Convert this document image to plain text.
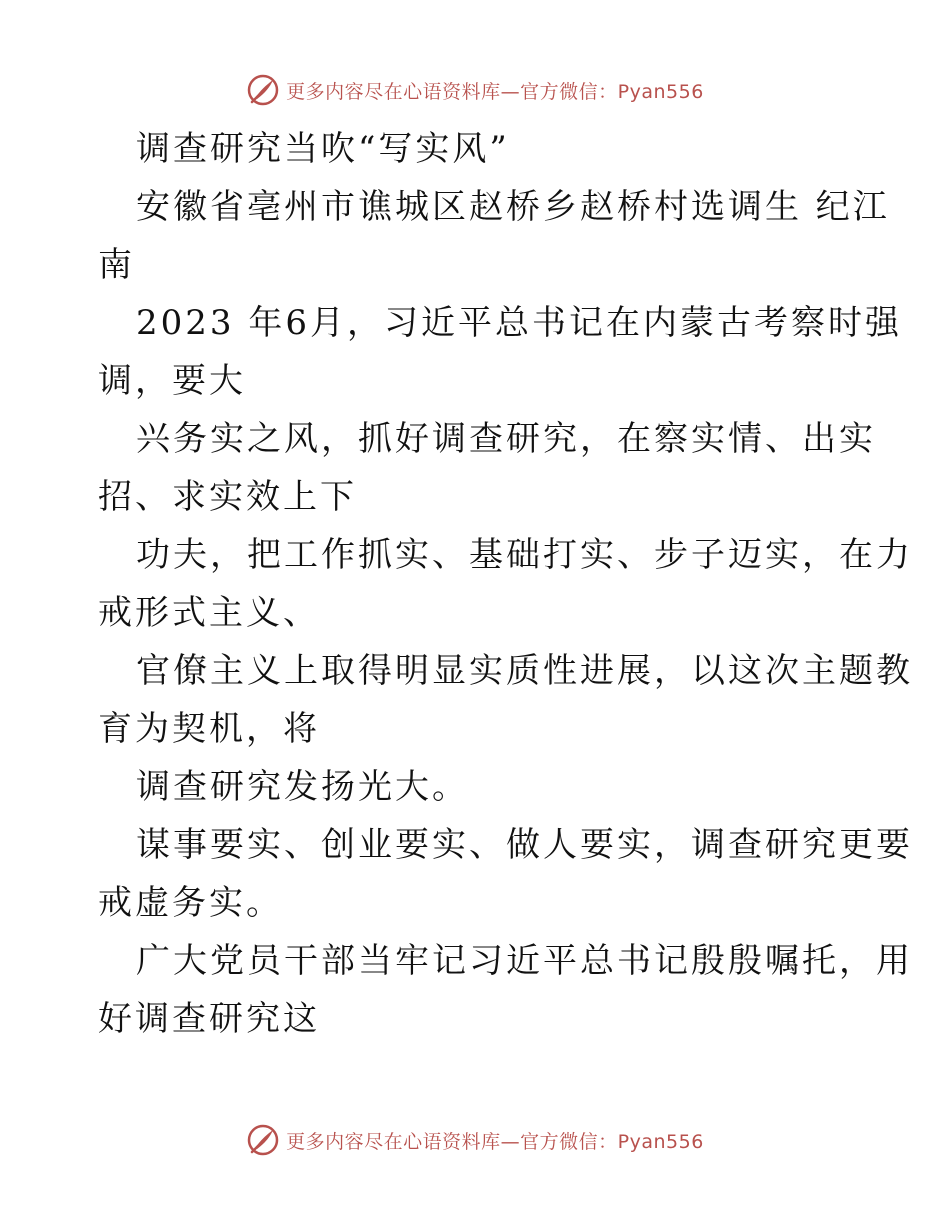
更多内容尽在心语资料库—官方微信：Pyan556
调查研究当吹“写实风”
安徽省亳州市谯城区赵桥乡赵桥村选调生 纪江
南
2023 年6月，习近平总书记在内蒙古考察时强
调，要大
兴务实之风，抓好调查研究，在察实情、出实
招、求实效上下
功夫，把工作抓实、基础打实、步子迈实，在力
戒形式主义、
官僚主义上取得明显实质性进展，以这次主题教
育为契机，将
调查研究发扬光大。
谋事要实、创业要实、做人要实，调查研究更要
戒虚务实。
广大党员干部当牢记习近平总书记殷殷嘱托，用
好调查研究这
更多内容尽在心语资料库—官方微信：Pyan556
